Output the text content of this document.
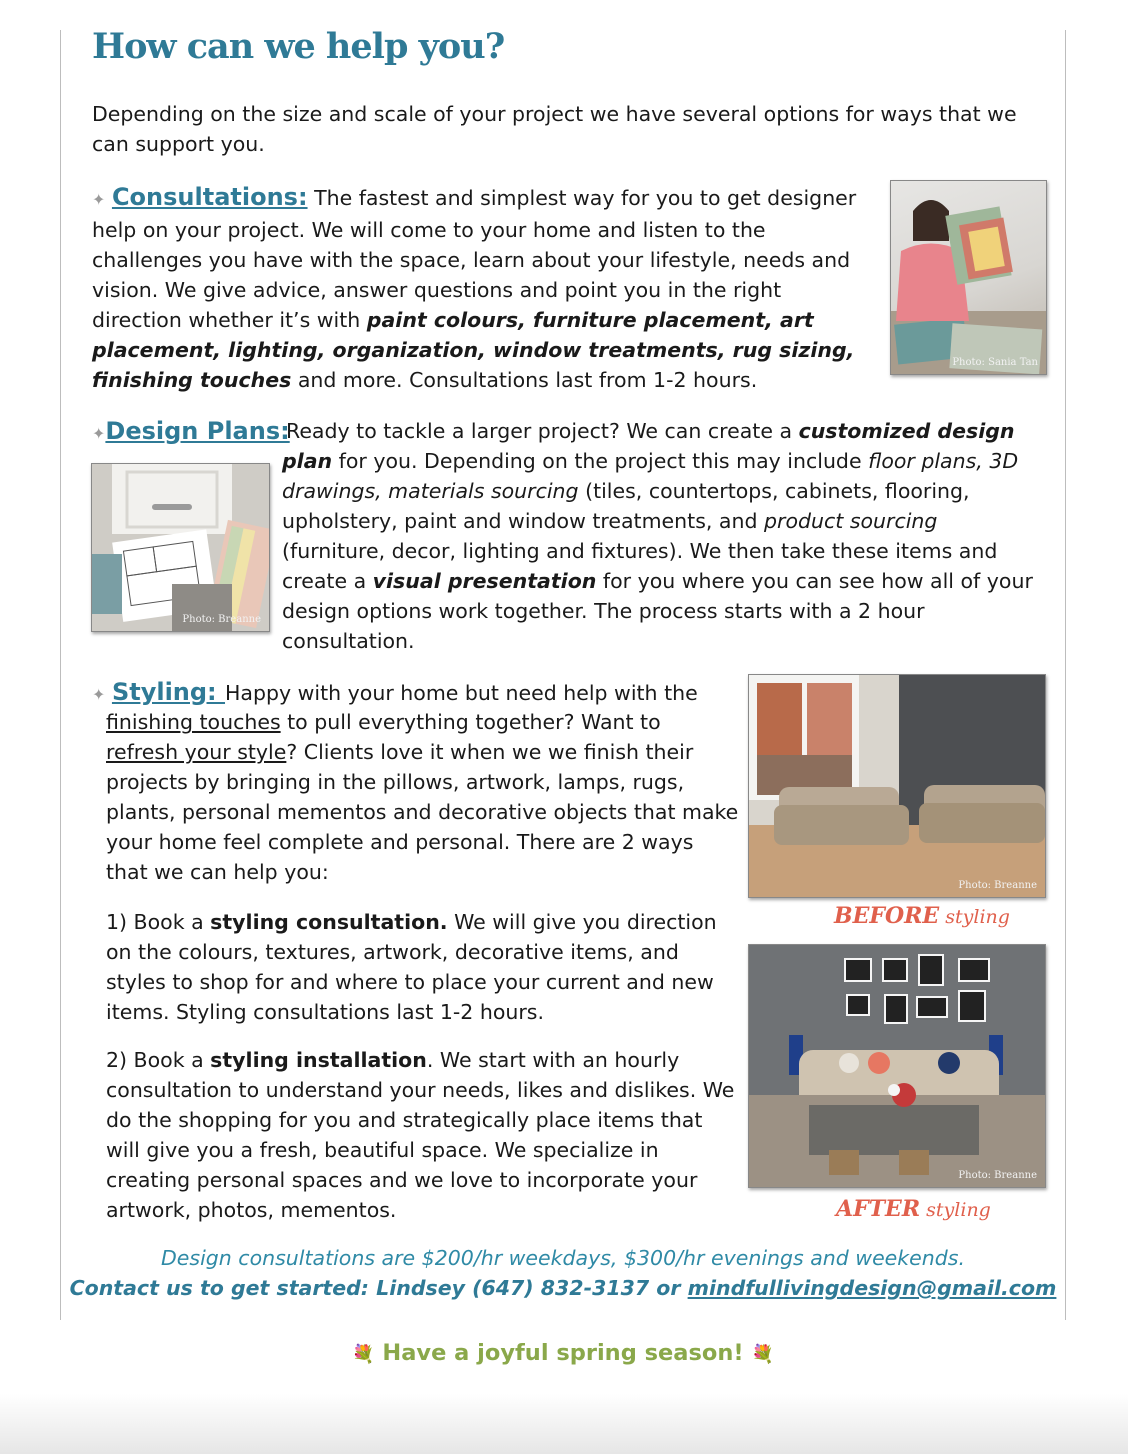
How can we help you?
Depending on the size and scale of your project we have several options for ways that we can support you.
✦ Consultations: The fastest and simplest way for you to get designer help on your project. We will come to your home and listen to the challenges you have with the space, learn about your lifestyle, needs and vision. We give advice, answer questions and point you in the right direction whether it’s with paint colours, furniture placement, art placement, lighting, organization, window treatments, rug sizing, finishing touches and more. Consultations last from 1-2 hours.
Photo: Sania Tan
✦Design Plans:
Ready to tackle a larger project? We can create a customized design plan for you. Depending on the project this may include floor plans, 3D drawings, materials sourcing (tiles, countertops, cabinets, flooring, upholstery, paint and window treatments, and product sourcing (furniture, decor, lighting and fixtures). We then take these items and create a visual presentation for you where you can see how all of your design options work together. The process starts with a 2 hour consultation.
Photo: Breanne
✦ Styling: Happy with your home but need help with the
finishing touches to pull everything together? Want to refresh your style? Clients love it when we we finish their projects by bringing in the pillows, artwork, lamps, rugs, plants, personal mementos and decorative objects that make your home feel complete and personal. There are 2 ways that we can help you:
1) Book a styling consultation. We will give you direction on the colours, textures, artwork, decorative items, and styles to shop for and where to place your current and new items. Styling consultations last 1-2 hours.
2) Book a styling installation. We start with an hourly consultation to understand your needs, likes and dislikes. We do the shopping for you and strategically place items that will give you a fresh, beautiful space. We specialize in creating personal spaces and we love to incorporate your artwork, photos, mementos.
Photo: Breanne
BEFORE styling
Photo: Breanne
AFTER styling
Design consultations are $200/hr weekdays, $300/hr evenings and weekends.
Contact us to get started: Lindsey (647) 832-3137 or mindfullivingdesign@gmail.com
💐 Have a joyful spring season! 💐
